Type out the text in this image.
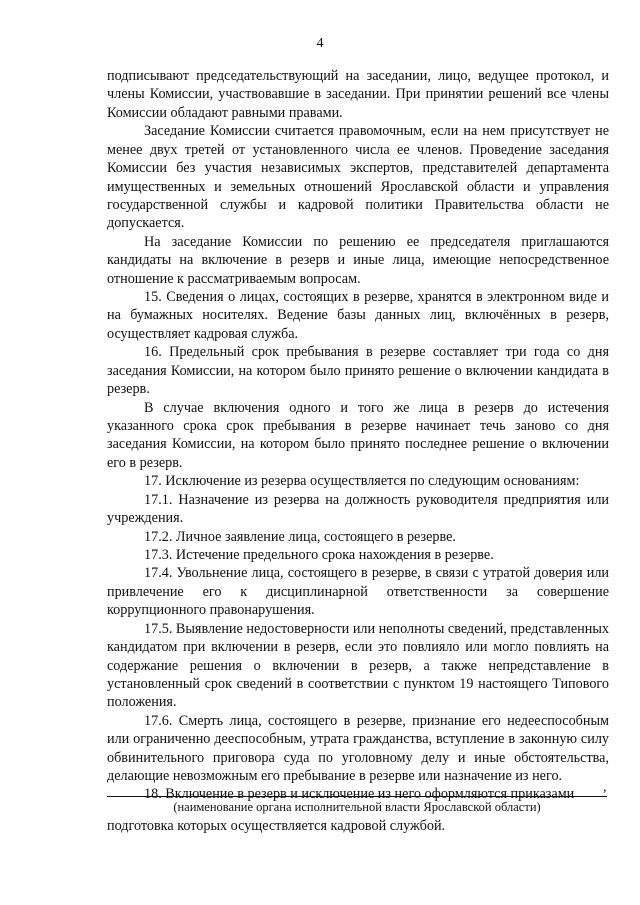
4

подписывают председательствующий на заседании, лицо, ведущее протокол, и члены Комиссии, участвовавшие в заседании. При принятии решений все члены Комиссии обладают равными правами.

Заседание Комиссии считается правомочным, если на нем присутствует не менее двух третей от установленного числа ее членов. Проведение заседания Комиссии без участия независимых экспертов, представителей департамента имущественных и земельных отношений Ярославской области и управления государственной службы и кадровой политики Правительства области не допускается.

На заседание Комиссии по решению ее председателя приглашаются кандидаты на включение в резерв и иные лица, имеющие непосредственное отношение к рассматриваемым вопросам.

15. Сведения о лицах, состоящих в резерве, хранятся в электронном виде и на бумажных носителях. Ведение базы данных лиц, включённых в резерв, осуществляет кадровая служба.

16. Предельный срок пребывания в резерве составляет три года со дня заседания Комиссии, на котором было принято решение о включении кандидата в резерв.

В случае включения одного и того же лица в резерв до истечения указанного срока срок пребывания в резерве начинает течь заново со дня заседания Комиссии, на котором было принято последнее решение о включении его в резерв.

17. Исключение из резерва осуществляется по следующим основаниям:

17.1. Назначение из резерва на должность руководителя предприятия или учреждения.

17.2. Личное заявление лица, состоящего в резерве.

17.3. Истечение предельного срока нахождения в резерве.

17.4. Увольнение лица, состоящего в резерве, в связи с утратой доверия или привлечение его к дисциплинарной ответственности за совершение коррупционного правонарушения.

17.5. Выявление недостоверности или неполноты сведений, представленных кандидатом при включении в резерв, если это повлияло или могло повлиять на содержание решения о включении в резерв, а также непредставление в установленный срок сведений в соответствии с пунктом 19 настоящего Типового положения.

17.6. Смерть лица, состоящего в резерве, признание его недееспособным или ограниченно дееспособным, утрата гражданства, вступление в законную силу обвинительного приговора суда по уголовному делу и иные обстоятельства, делающие невозможным его пребывание в резерве или назначение из него.

18. Включение в резерв и исключение из него оформляются приказами	,
(наименование органа исполнительной власти Ярославской области)
подготовка которых осуществляется кадровой службой.
